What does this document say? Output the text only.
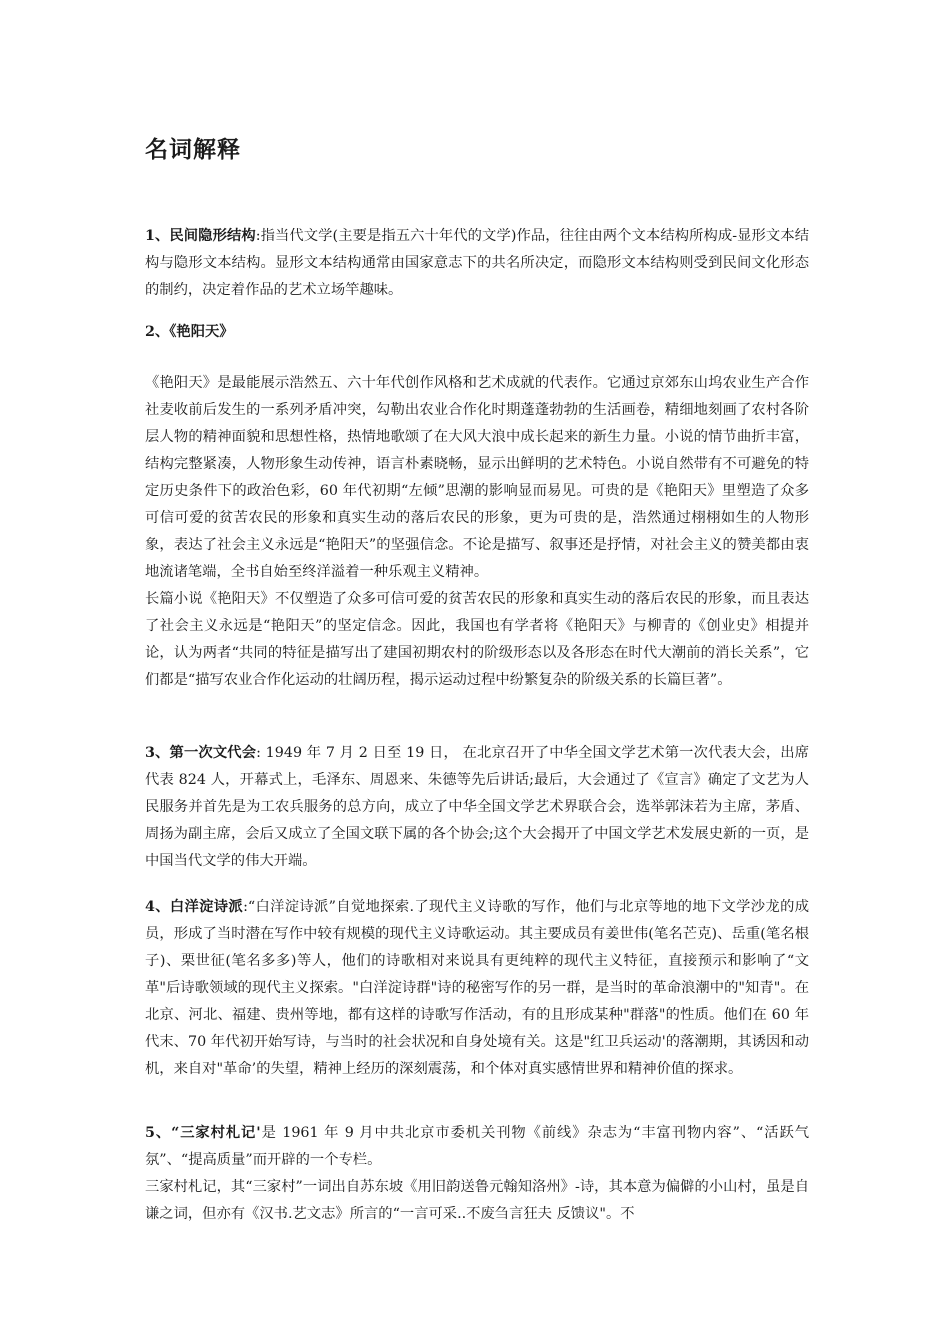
名词解释

1、民间隐形结构:指当代文学(主要是指五六十年代的文学)作品，往往由两个文本结构所构成-显形文本结构与隐形文本结构。显形文本结构通常由国家意志下的共名所决定，而隐形文本结构则受到民间文化形态的制约，决定着作品的艺术立场竿趣味。

2、《艳阳天》

《艳阳天》是最能展示浩然五、六十年代创作风格和艺术成就的代表作。它通过京郊东山坞农业生产合作社麦收前后发生的一系列矛盾冲突，勾勒出农业合作化时期蓬蓬勃勃的生活画卷，精细地刻画了农村各阶层人物的精神面貌和思想性格，热情地歌颂了在大风大浪中成长起来的新生力量。小说的情节曲折丰富，结构完整紧凑，人物形象生动传神，语言朴素晓畅，显示出鲜明的艺术特色。小说自然带有不可避免的特定历史条件下的政治色彩，60 年代初期“左倾”思潮的影响显而易见。可贵的是《艳阳天》里塑造了众多可信可爱的贫苦农民的形象和真实生动的落后农民的形象，更为可贵的是，浩然通过栩栩如生的人物形象，表达了社会主义永远是“艳阳天”的坚强信念。不论是描写、叙事还是抒情，对社会主义的赞美都由衷地流诸笔端，全书自始至终洋溢着一种乐观主义精神。

长篇小说《艳阳天》不仅塑造了众多可信可爱的贫苦农民的形象和真实生动的落后农民的形象，而且表达了社会主义永远是“艳阳天”的坚定信念。因此，我国也有学者将《艳阳天》与柳青的《创业史》相提并论，认为两者“共同的特征是描写出了建国初期农村的阶级形态以及各形态在时代大潮前的消长关系”，它们都是“描写农业合作化运动的壮阔历程，揭示运动过程中纷繁复杂的阶级关系的长篇巨著”。

3、第一次文代会: 1949 年 7 月 2 日至 19 日， 在北京召开了中华全国文学艺术第一次代表大会，出席代表 824 人，开幕式上，毛泽东、周恩来、朱德等先后讲话;最后，大会通过了《宣言》确定了文艺为人民服务并首先是为工农兵服务的总方向，成立了中华全国文学艺术界联合会，选举郭沫若为主席，茅盾、周扬为副主席，会后又成立了全国文联下属的各个协会;这个大会揭开了中国文学艺术发展史新的一页，是中国当代文学的伟大开端。

4、白洋淀诗派:“白洋淀诗派”自觉地探索.了现代主义诗歌的写作，他们与北京等地的地下文学沙龙的成员，形成了当时潜在写作中较有规模的现代主义诗歌运动。其主要成员有姜世伟(笔名芒克)、岳重(笔名根子)、栗世征(笔名多多)等人，他们的诗歌相对来说具有更纯粹的现代主义特征，直接预示和影响了“文革"后诗歌领域的现代主义探索。"白洋淀诗群"诗的秘密写作的另一群，是当时的革命浪潮中的"知青"。在北京、河北、福建、贵州等地，都有这样的诗歌写作活动，有的且形成某种"群落"的性质。他们在 60 年代末、70 年代初开始写诗，与当时的社会状况和自身处境有关。这是"红卫兵运动'的落潮期，其诱因和动机，来自对"革命’的失望，精神上经历的深刻震荡，和个体对真实感情世界和精神价值的探求。

5、“三家村札记'是 1961 年 9 月中共北京市委机关刊物《前线》杂志为“丰富刊物内容”、“活跃气氛”、“提高质量”而开辟的一个专栏。

三家村札记，其“三家村”一词出自苏东坡《用旧韵送鲁元翰知洛州》-诗，其本意为偏僻的小山村，虽是自谦之词，但亦有《汉书.艺文志》所言的“一言可采..不废刍言狂夫 反馈议"。不
